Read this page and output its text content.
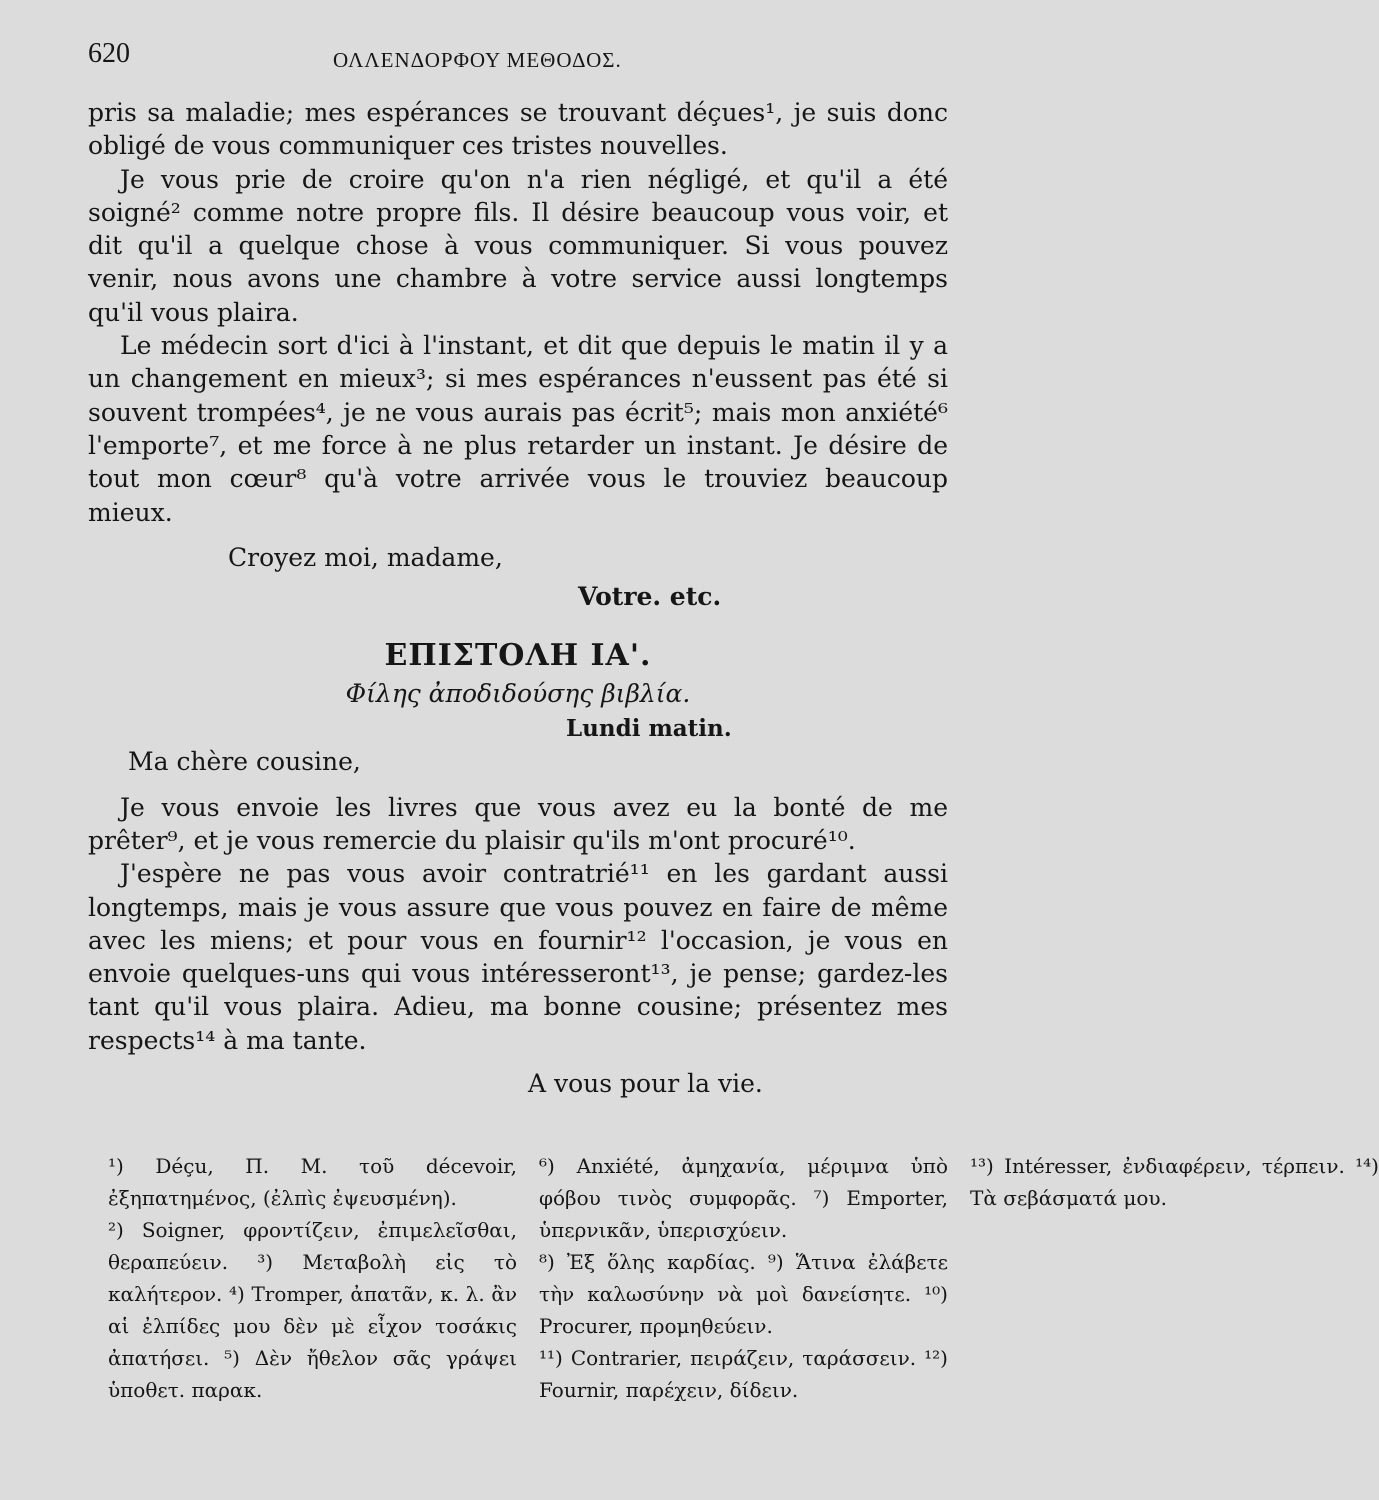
620	ΟΛΛΕΝΔΟΡΦΟΥ ΜΕΘΟΔΟΣ.

pris sa maladie; mes espérances se trouvant déçues¹, je suis donc obligé de vous communiquer ces tristes nouvelles.

Je vous prie de croire qu'on n'a rien négligé, et qu'il a été soigné² comme notre propre fils. Il désire beaucoup vous voir, et dit qu'il a quelque chose à vous communiquer. Si vous pouvez venir, nous avons une chambre à votre service aussi longtemps qu'il vous plaira.

Le médecin sort d'ici à l'instant, et dit que depuis le matin il y a un changement en mieux³; si mes espérances n'eussent pas été si souvent trompées⁴, je ne vous aurais pas écrit⁵; mais mon anxiété⁶ l'emporte⁷, et me force à ne plus retarder un instant. Je désire de tout mon cœur⁸ qu'à votre arrivée vous le trouviez beaucoup mieux.

Croyez moi, madame,
Votre. etc.
ΕΠΙΣΤΟΛΗ ΙΑ'.
Φίλης ἀποδιδούσης βιβλία.
Lundi matin.
Ma chère cousine,

Je vous envoie les livres que vous avez eu la bonté de me prêter⁹, et je vous remercie du plaisir qu'ils m'ont procuré¹⁰.

J'espère ne pas vous avoir contratrié¹¹ en les gardant aussi longtemps, mais je vous assure que vous pouvez en faire de même avec les miens; et pour vous en fournir¹² l'occasion, je vous en envoie quelques-uns qui vous intéresseront¹³, je pense; gardez-les tant qu'il vous plaira. Adieu, ma bonne cousine; présentez mes respects¹⁴ à ma tante.

A vous pour la vie.

¹) Déçu, Π. Μ. τοῦ décevoir, ἐξηπατημένος, (ἐλπὶς ἐψευσμένη).

²) Soigner, φροντίζειν, ἐπιμελεῖσθαι, θεραπεύειν. ³) Μεταβολὴ εἰς τὸ καλήτερον. ⁴) Tromper, ἀπατᾶν, κ. λ. ἂν αἱ ἐλπίδες μου δὲν μὲ εἶχον τοσάκις ἀπατήσει. ⁵) Δὲν ἤθελον σᾶς γράψει ὑποθετ. παρακ.

⁶) Anxiété, ἀμηχανία, μέριμνα ὑπὸ φόβου τινὸς συμφορᾶς. ⁷) Emporter, ὑπερνικᾶν, ὑπερισχύειν.

⁸) Ἐξ ὅλης καρδίας. ⁹) Ἅτινα ἐλάβετε τὴν καλωσύνην νὰ μοὶ δανείσητε. ¹⁰) Procurer, προμηθεύειν.

¹¹) Contrarier, πειράζειν, ταράσσειν. ¹²) Fournir, παρέχειν, δίδειν.

¹³) Intéresser, ἐνδιαφέρειν, τέρπειν. ¹⁴) Τὰ σεβάσματά μου.
